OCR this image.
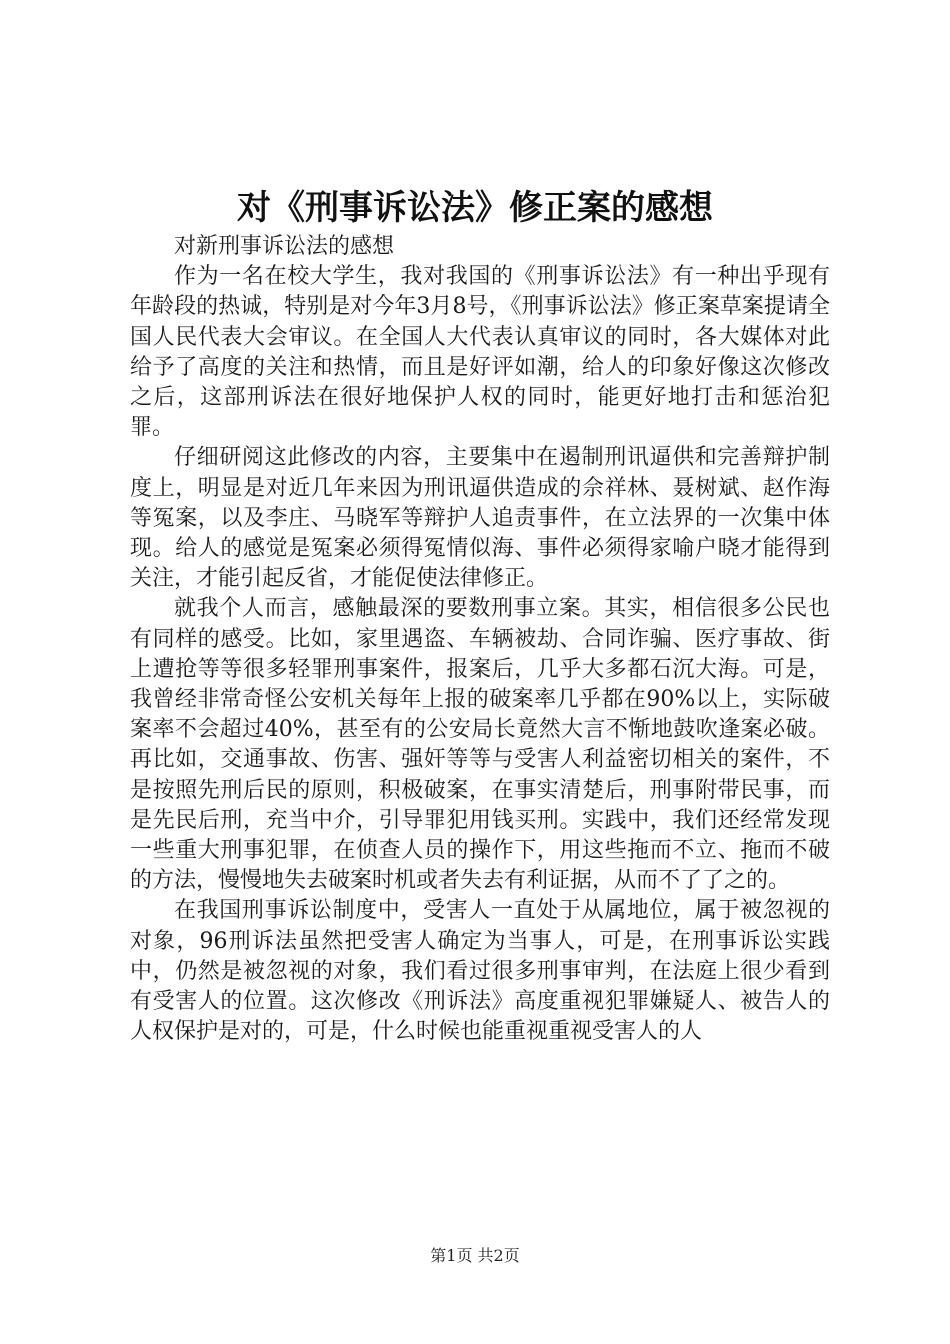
对《刑事诉讼法》修正案的感想

对新刑事诉讼法的感想

作为一名在校大学生，我对我国的《刑事诉讼法》有一种出乎现有年龄段的热诚，特别是对今年3月8号，《刑事诉讼法》修正案草案提请全国人民代表大会审议。在全国人大代表认真审议的同时，各大媒体对此给予了高度的关注和热情，而且是好评如潮，给人的印象好像这次修改之后，这部刑诉法在很好地保护人权的同时，能更好地打击和惩治犯罪。

仔细研阅这此修改的内容，主要集中在遏制刑讯逼供和完善辩护制度上，明显是对近几年来因为刑讯逼供造成的佘祥林、聂树斌、赵作海等冤案，以及李庄、马晓军等辩护人追责事件，在立法界的一次集中体现。给人的感觉是冤案必须得冤情似海、事件必须得家喻户晓才能得到关注，才能引起反省，才能促使法律修正。

就我个人而言，感触最深的要数刑事立案。其实，相信很多公民也有同样的感受。比如，家里遇盗、车辆被劫、合同诈骗、医疗事故、街上遭抢等等很多轻罪刑事案件，报案后，几乎大多都石沉大海。可是，我曾经非常奇怪公安机关每年上报的破案率几乎都在90%以上，实际破案率不会超过40%，甚至有的公安局长竟然大言不惭地鼓吹逢案必破。再比如，交通事故、伤害、强奸等等与受害人利益密切相关的案件，不是按照先刑后民的原则，积极破案，在事实清楚后，刑事附带民事，而是先民后刑，充当中介，引导罪犯用钱买刑。实践中，我们还经常发现一些重大刑事犯罪，在侦查人员的操作下，用这些拖而不立、拖而不破的方法，慢慢地失去破案时机或者失去有利证据，从而不了了之的。

在我国刑事诉讼制度中，受害人一直处于从属地位，属于被忽视的对象，96刑诉法虽然把受害人确定为当事人，可是，在刑事诉讼实践中，仍然是被忽视的对象，我们看过很多刑事审判，在法庭上很少看到有受害人的位置。这次修改《刑诉法》高度重视犯罪嫌疑人、被告人的人权保护是对的，可是，什么时候也能重视重视受害人的人

第1页 共2页
